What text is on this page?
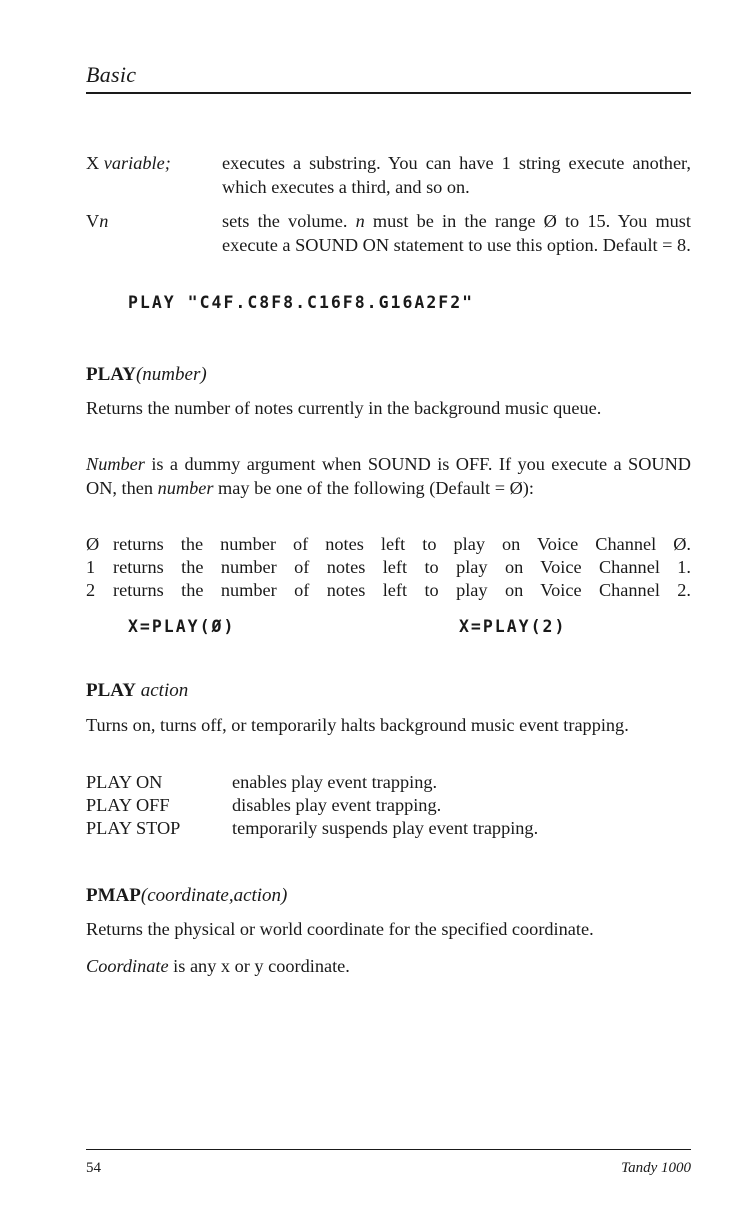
Basic
X variable;	executes a substring. You can have 1 string execute another, which executes a third, and so on.
Vn	sets the volume. n must be in the range Ø to 15. You must execute a SOUND ON statement to use this option. Default = 8.
PLAY "C4F.C8F8.C16F8.G16A2F2"
PLAY(number)

Returns the number of notes currently in the background music queue.

Number is a dummy argument when SOUND is OFF. If you execute a SOUND ON, then number may be one of the following (Default = Ø):

Ø returns the number of notes left to play on Voice Channel Ø.
1 returns the number of notes left to play on Voice Channel 1.
2 returns the number of notes left to play on Voice Channel 2.
X=PLAY(Ø)	X=PLAY(2)
PLAY action

Turns on, turns off, or temporarily halts background music event trapping.

PLAY ON	enables play event trapping.
PLAY OFF	disables play event trapping.
PLAY STOP	temporarily suspends play event trapping.
PMAP(coordinate,action)

Returns the physical or world coordinate for the specified coordinate.

Coordinate is any x or y coordinate.

54	Tandy 1000
